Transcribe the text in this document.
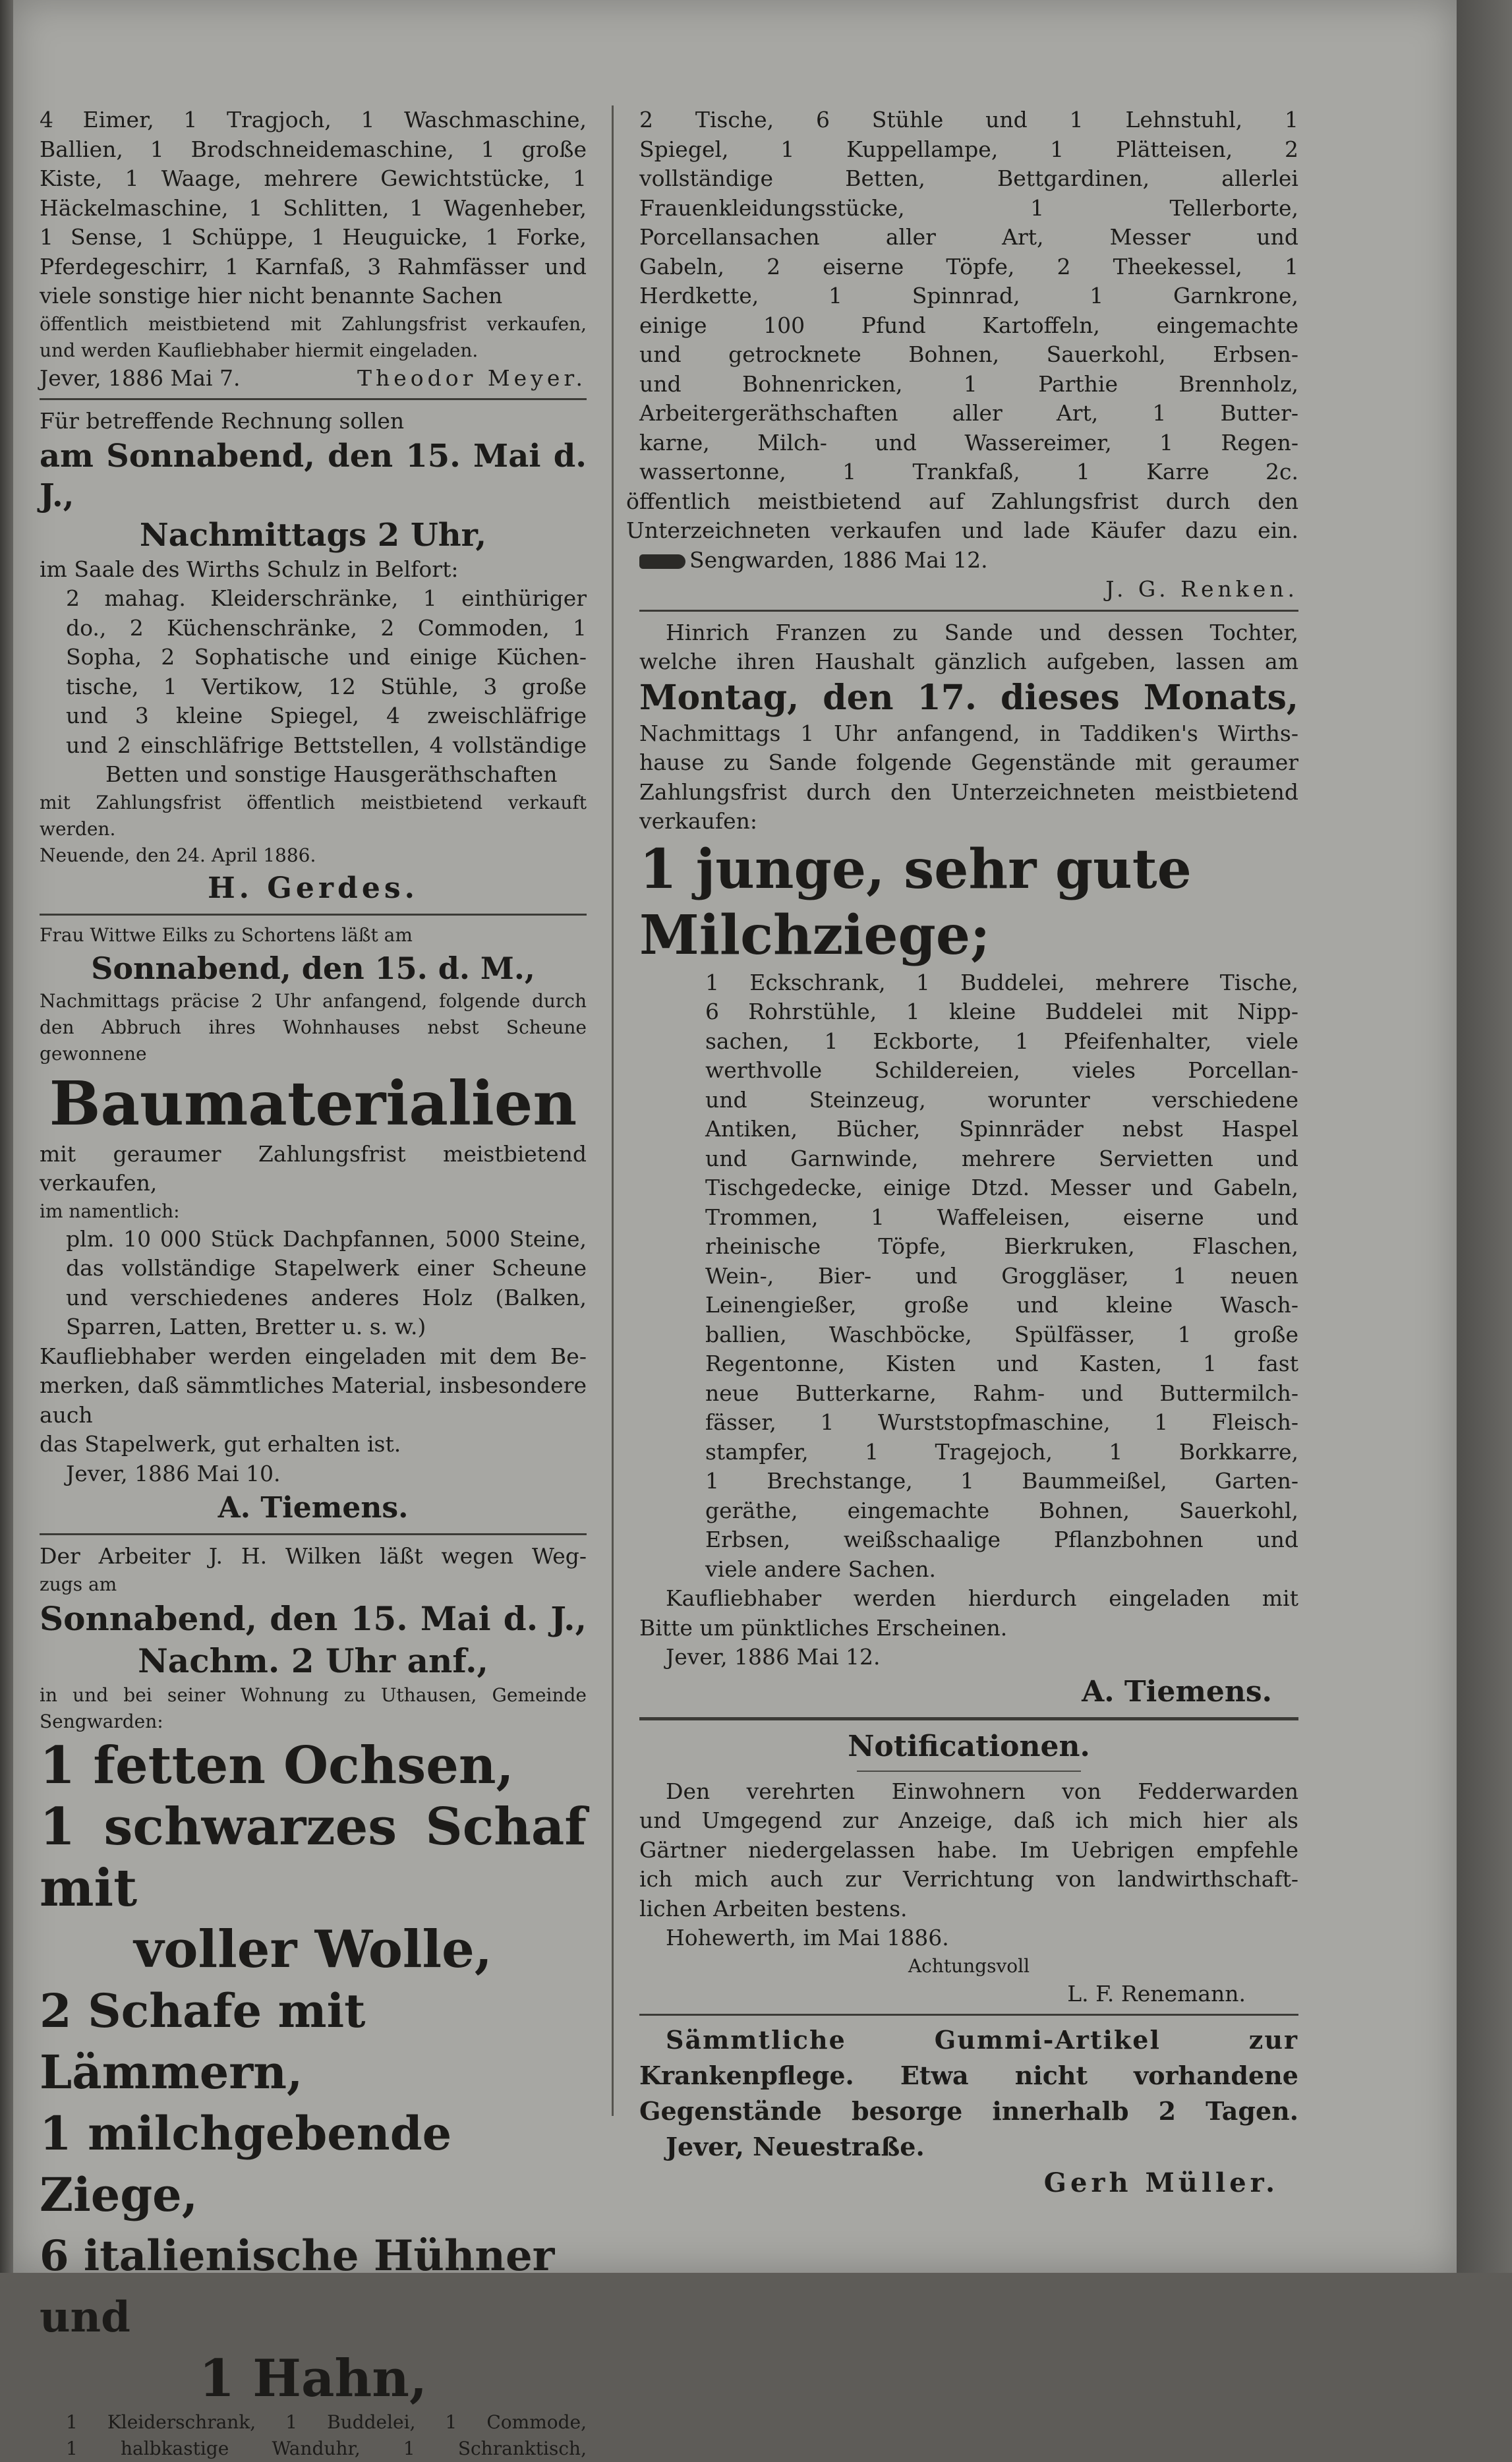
4 Eimer, 1 Tragjoch, 1 Waschmaschine,
Ballien, 1 Brodschneidemaschine, 1 große
Kiste, 1 Waage, mehrere Gewichtstücke, 1
Häckelmaschine, 1 Schlitten, 1 Wagenheber,
1 Sense, 1 Schüppe, 1 Heuguicke, 1 Forke,
Pferdegeschirr, 1 Karnfaß, 3 Rahmfässer und
viele sonstige hier nicht benannte Sachen
öffentlich meistbietend mit Zahlungsfrist verkaufen,
und werden Kaufliebhaber hiermit eingeladen.
Jever, 1886 Mai 7.	Theodor Meyer.
Für betreffende Rechnung sollen
am Sonnabend, den 15. Mai d. J.,
Nachmittags 2 Uhr,
im Saale des Wirths Schulz in Belfort:
2 mahag. Kleiderschränke, 1 einthüriger
do., 2 Küchenschränke, 2 Commoden, 1
Sopha, 2 Sophatische und einige Küchen-
tische, 1 Vertikow, 12 Stühle, 3 große
und 3 kleine Spiegel, 4 zweischläfrige
und 2 einschläfrige Bettstellen, 4 vollständige
Betten und sonstige Hausgeräthschaften
mit Zahlungsfrist öffentlich meistbietend verkauft werden.
Neuende, den 24. April 1886.
H. Gerdes.
Frau Wittwe Eilks zu Schortens läßt am
Sonnabend, den 15. d. M.,
Nachmittags präcise 2 Uhr anfangend, folgende durch
den Abbruch ihres Wohnhauses nebst Scheune gewonnene
Baumaterialien
mit geraumer Zahlungsfrist meistbietend verkaufen,
im namentlich:
plm. 10 000 Stück Dachpfannen, 5000 Steine,
das vollständige Stapelwerk einer Scheune
und verschiedenes anderes Holz (Balken,
Sparren, Latten, Bretter u. s. w.)
Kaufliebhaber werden eingeladen mit dem Be-
merken, daß sämmtliches Material, insbesondere auch
das Stapelwerk, gut erhalten ist.
Jever, 1886 Mai 10.
A. Tiemens.
Der Arbeiter J. H. Wilken läßt wegen Weg-
zugs am
Sonnabend, den 15. Mai d. J.,
Nachm. 2 Uhr anf.,
in und bei seiner Wohnung zu Uthausen, Gemeinde
Sengwarden:
1 fetten Ochsen,
1 schwarzes Schaf mit
voller Wolle,
2 Schafe mit Lämmern,
1 milchgebende Ziege,
6 italienische Hühner und
1 Hahn,
1 Kleiderschrank, 1 Buddelei, 1 Commode,
1 halbkastige Wanduhr, 1 Schranktisch,
2 Tische, 6 Stühle und 1 Lehnstuhl, 1
Spiegel, 1 Kuppellampe, 1 Plätteisen, 2
vollständige Betten, Bettgardinen, allerlei
Frauenkleidungsstücke, 1 Tellerborte,
Porcellansachen aller Art, Messer und
Gabeln, 2 eiserne Töpfe, 2 Theekessel, 1
Herdkette, 1 Spinnrad, 1 Garnkrone,
einige 100 Pfund Kartoffeln, eingemachte
und getrocknete Bohnen, Sauerkohl, Erbsen-
und Bohnenricken, 1 Parthie Brennholz,
Arbeitergeräthschaften aller Art, 1 Butter-
karne, Milch- und Wassereimer, 1 Regen-
wassertonne, 1 Trankfaß, 1 Karre 2c.
öffentlich meistbietend auf Zahlungsfrist durch den
Unterzeichneten verkaufen und lade Käufer dazu ein.
Sengwarden, 1886 Mai 12.
J. G. Renken.
Hinrich Franzen zu Sande und dessen Tochter,
welche ihren Haushalt gänzlich aufgeben, lassen am
Montag, den 17. dieses Monats,
Nachmittags 1 Uhr anfangend, in Taddiken's Wirths-
hause zu Sande folgende Gegenstände mit geraumer
Zahlungsfrist durch den Unterzeichneten meistbietend
verkaufen:
1 junge, sehr gute Milchziege;
1 Eckschrank, 1 Buddelei, mehrere Tische,
6 Rohrstühle, 1 kleine Buddelei mit Nipp-
sachen, 1 Eckborte, 1 Pfeifenhalter, viele
werthvolle Schildereien, vieles Porcellan-
und Steinzeug, worunter verschiedene
Antiken, Bücher, Spinnräder nebst Haspel
und Garnwinde, mehrere Servietten und
Tischgedecke, einige Dtzd. Messer und Gabeln,
Trommen, 1 Waffeleisen, eiserne und
rheinische Töpfe, Bierkruken, Flaschen,
Wein-, Bier- und Groggläser, 1 neuen
Leinengießer, große und kleine Wasch-
ballien, Waschböcke, Spülfässer, 1 große
Regentonne, Kisten und Kasten, 1 fast
neue Butterkarne, Rahm- und Buttermilch-
fässer, 1 Wurststopfmaschine, 1 Fleisch-
stampfer, 1 Tragejoch, 1 Borkkarre,
1 Brechstange, 1 Baummeißel, Garten-
geräthe, eingemachte Bohnen, Sauerkohl,
Erbsen, weißschaalige Pflanzbohnen und
viele andere Sachen.
Kaufliebhaber werden hierdurch eingeladen mit
Bitte um pünktliches Erscheinen.
Jever, 1886 Mai 12.
A. Tiemens.
Notificationen.
Den verehrten Einwohnern von Fedderwarden
und Umgegend zur Anzeige, daß ich mich hier als
Gärtner niedergelassen habe. Im Uebrigen empfehle
ich mich auch zur Verrichtung von landwirthschaft-
lichen Arbeiten bestens.
Hohewerth, im Mai 1886.
Achtungsvoll
L. F. Renemann.
Sämmtliche Gummi-Artikel zur
Krankenpflege. Etwa nicht vorhandene
Gegenstände besorge innerhalb 2 Tagen.
Jever, Neuestraße.
Gerh Müller.
